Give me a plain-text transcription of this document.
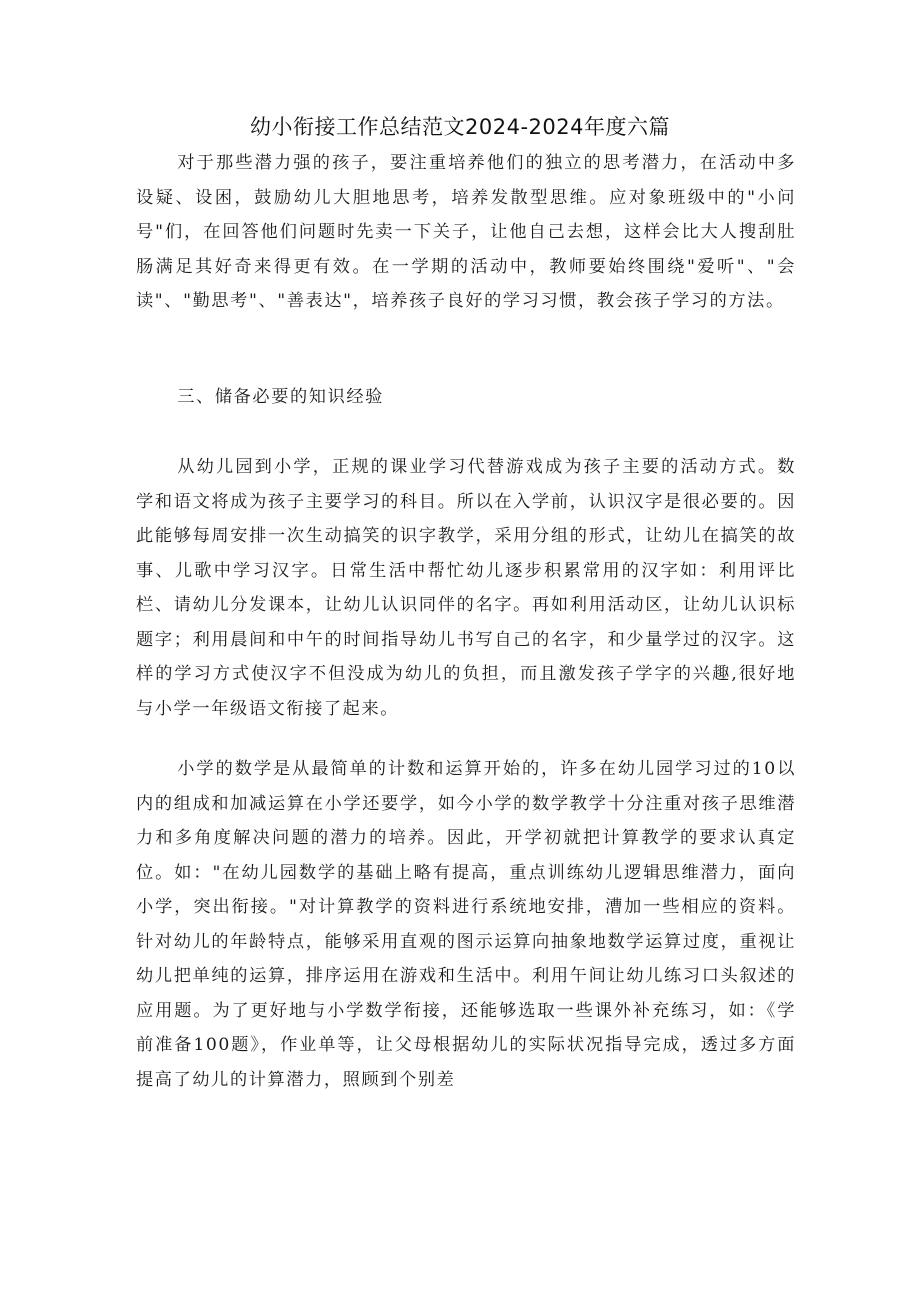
幼小衔接工作总结范文2024-2024年度六篇

对于那些潜力强的孩子，要注重培养他们的独立的思考潜力，在活动中多设疑、设困，鼓励幼儿大胆地思考，培养发散型思维。应对象班级中的"小问号"们，在回答他们问题时先卖一下关子，让他自己去想，这样会比大人搜刮肚肠满足其好奇来得更有效。在一学期的活动中，教师要始终围绕"爱听"、"会读"、"勤思考"、"善表达"，培养孩子良好的学习习惯，教会孩子学习的方法。

三、储备必要的知识经验

从幼儿园到小学，正规的课业学习代替游戏成为孩子主要的活动方式。数学和语文将成为孩子主要学习的科目。所以在入学前，认识汉字是很必要的。因此能够每周安排一次生动搞笑的识字教学，采用分组的形式，让幼儿在搞笑的故事、儿歌中学习汉字。日常生活中帮忙幼儿逐步积累常用的汉字如：利用评比栏、请幼儿分发课本，让幼儿认识同伴的名字。再如利用活动区，让幼儿认识标题字；利用晨间和中午的时间指导幼儿书写自己的名字，和少量学过的汉字。这样的学习方式使汉字不但没成为幼儿的负担，而且激发孩子学字的兴趣,很好地与小学一年级语文衔接了起来。

小学的数学是从最简单的计数和运算开始的，许多在幼儿园学习过的10以内的组成和加减运算在小学还要学，如今小学的数学教学十分注重对孩子思维潜力和多角度解决问题的潜力的培养。因此，开学初就把计算教学的要求认真定位。如："在幼儿园数学的基础上略有提高，重点训练幼儿逻辑思维潜力，面向小学，突出衔接。"对计算教学的资料进行系统地安排，漕加一些相应的资料。针对幼儿的年龄特点，能够采用直观的图示运算向抽象地数学运算过度，重视让幼儿把单纯的运算，排序运用在游戏和生活中。利用午间让幼儿练习口头叙述的应用题。为了更好地与小学数学衔接，还能够选取一些课外补充练习，如：《学前准备100题》，作业单等，让父母根据幼儿的实际状况指导完成，透过多方面提高了幼儿的计算潜力，照顾到个别差
